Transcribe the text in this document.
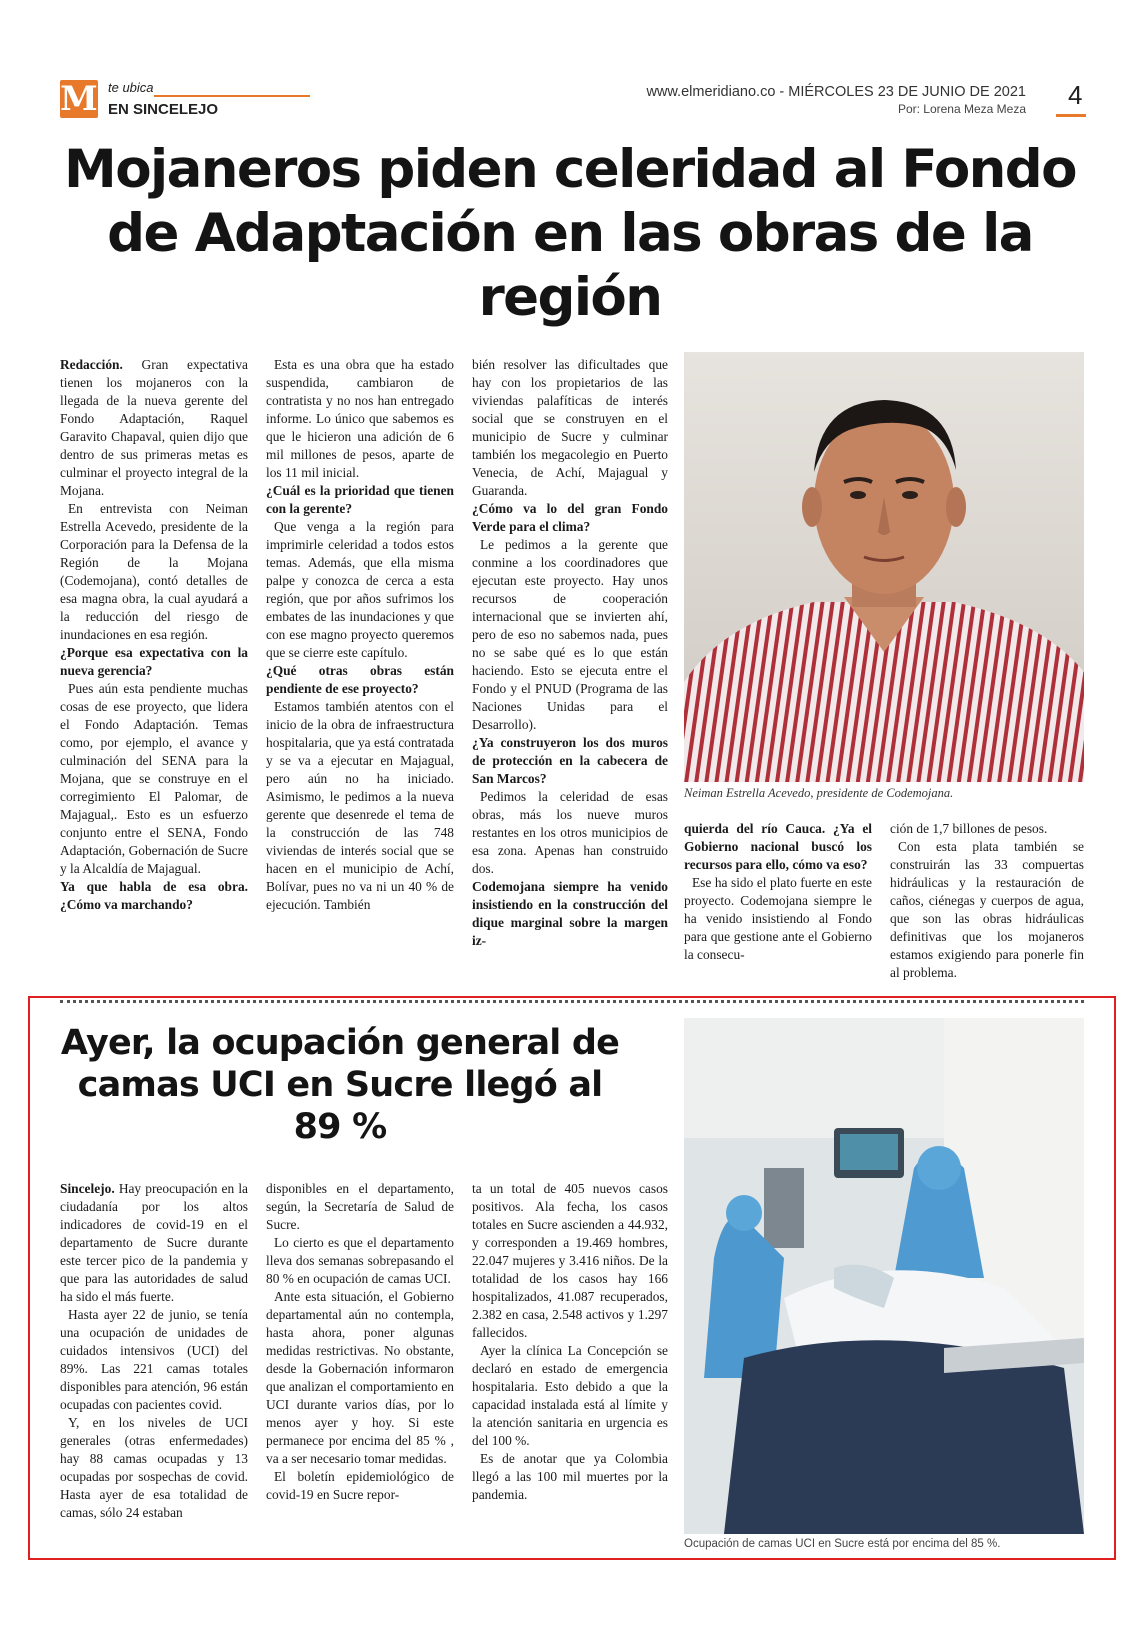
M te ubica
EN SINCELEJO
www.elmeridiano.co - MIÉRCOLES 23 DE JUNIO DE 2021
Por: Lorena Meza Meza 4
Mojaneros piden celeridad al Fondo de Adaptación en las obras de la región

Redacción. Gran expectativa tienen los mojaneros con la llegada de la nueva gerente del Fondo Adaptación, Raquel Garavito Chapaval, quien dijo que dentro de sus primeras metas es culminar el proyecto integral de la Mojana.

En entrevista con Neiman Estrella Acevedo, presidente de la Corporación para la Defensa de la Región de la Mojana (Codemojana), contó detalles de esa magna obra, la cual ayudará a la reducción del riesgo de inundaciones en esa región.

¿Porque esa expectativa con la nueva gerencia?

Pues aún esta pendiente muchas cosas de ese proyecto, que lidera el Fondo Adaptación. Temas como, por ejemplo, el avance y culminación del SENA para la Mojana, que se construye en el corregimiento El Palomar, de Majagual,. Esto es un esfuerzo conjunto entre el SENA, Fondo Adaptación, Gobernación de Sucre y la Alcaldía de Majagual.

Ya que habla de esa obra. ¿Cómo va marchando?

Esta es una obra que ha estado suspendida, cambiaron de contratista y no nos han entregado informe. Lo único que sabemos es que le hicieron una adición de 6 mil millones de pesos, aparte de los 11 mil inicial.

¿Cuál es la prioridad que tienen con la gerente?

Que venga a la región para imprimirle celeridad a todos estos temas. Además, que ella misma palpe y conozca de cerca a esta región, que por años sufrimos los embates de las inundaciones y que con ese magno proyecto queremos que se cierre este capítulo.

¿Qué otras obras están pendiente de ese proyecto?

Estamos también atentos con el inicio de la obra de infraestructura hospitalaria, que ya está contratada y se va a ejecutar en Majagual, pero aún no ha iniciado. Asimismo, le pedimos a la nueva gerente que desenrede el tema de la construcción de las 748 viviendas de interés social que se hacen en el municipio de Achí, Bolívar, pues no va ni un 40 % de ejecución. También

bién resolver las dificultades que hay con los propietarios de las viviendas palafíticas de interés social que se construyen en el municipio de Sucre y culminar también los megacolegio en Puerto Venecia, de Achí, Majagual y Guaranda.

¿Cómo va lo del gran Fondo Verde para el clima?

Le pedimos a la gerente que conmine a los coordinadores que ejecutan este proyecto. Hay unos recursos de cooperación internacional que se invierten ahí, pero de eso no sabemos nada, pues no se sabe qué es lo que están haciendo. Esto se ejecuta entre el Fondo y el PNUD (Programa de las Naciones Unidas para el Desarrollo).

¿Ya construyeron los dos muros de protección en la cabecera de San Marcos?

Pedimos la celeridad de esas obras, más los nueve muros restantes en los otros municipios de esa zona. Apenas han construido dos.

Codemojana siempre ha venido insistiendo en la construcción del dique marginal sobre la margen iz-

quierda del río Cauca. ¿Ya el Gobierno nacional buscó los recursos para ello, cómo va eso?

Ese ha sido el plato fuerte en este proyecto. Codemojana siempre le ha venido insistiendo al Fondo para que gestione ante el Gobierno la consecu-

ción de 1,7 billones de pesos.

Con esta plata también se construirán las 33 compuertas hidráulicas y la restauración de caños, ciénegas y cuerpos de agua, que son las obras hidráulicas definitivas que los mojaneros estamos exigiendo para ponerle fin al problema.

Neiman Estrella Acevedo, presidente de Codemojana.
Ayer, la ocupación general de camas UCI en Sucre llegó al 89 %

Sincelejo. Hay preocupación en la ciudadanía por los altos indicadores de covid-19 en el departamento de Sucre durante este tercer pico de la pandemia y que para las autoridades de salud ha sido el más fuerte.

Hasta ayer 22 de junio, se tenía una ocupación de unidades de cuidados intensivos (UCI) del 89%. Las 221 camas totales disponibles para atención, 96 están ocupadas con pacientes covid.

Y, en los niveles de UCI generales (otras enfermedades) hay 88 camas ocupadas y 13 ocupadas por sospechas de covid. Hasta ayer de esa totalidad de camas, sólo 24 estaban

disponibles en el departamento, según, la Secretaría de Salud de Sucre.

Lo cierto es que el departamento lleva dos semanas sobrepasando el 80 % en ocupación de camas UCI.

Ante esta situación, el Gobierno departamental aún no contempla, hasta ahora, poner algunas medidas restrictivas. No obstante, desde la Gobernación informaron que analizan el comportamiento en UCI durante varios días, por lo menos ayer y hoy. Si este permanece por encima del 85 % , va a ser necesario tomar medidas.

El boletín epidemiológico de covid-19 en Sucre repor-

ta un total de 405 nuevos casos positivos. Ala fecha, los casos totales en Sucre ascienden a 44.932, y corresponden a 19.469 hombres, 22.047 mujeres y 3.416 niños. De la totalidad de los casos hay 166 hospitalizados, 41.087 recuperados, 2.382 en casa, 2.548 activos y 1.297 fallecidos.

Ayer la clínica La Concepción se declaró en estado de emergencia hospitalaria. Esto debido a que la capacidad instalada está al límite y la atención sanitaria en urgencia es del 100 %.

Es de anotar que ya Colombia llegó a las 100 mil muertes por la pandemia.

Ocupación de camas UCI en Sucre está por encima del 85 %.
